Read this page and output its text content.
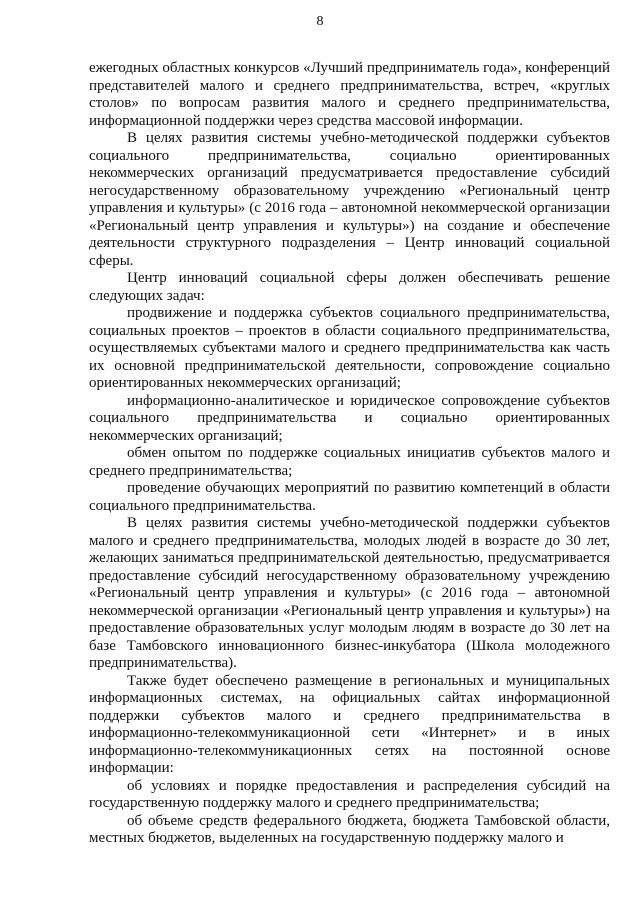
8

ежегодных областных конкурсов «Лучший предприниматель года», конференций представителей малого и среднего предпринимательства, встреч, «круглых столов» по вопросам развития малого и среднего предпринимательства, информационной поддержки через средства массовой информации.

В целях развития системы учебно-методической поддержки субъектов социального предпринимательства, социально ориентированных некоммерческих организаций предусматривается предоставление субсидий негосударственному образовательному учреждению «Региональный центр управления и культуры» (с 2016 года – автономной некоммерческой организации «Региональный центр управления и культуры») на создание и обеспечение деятельности структурного подразделения – Центр инноваций социальной сферы.

Центр инноваций социальной сферы должен обеспечивать решение следующих задач:

продвижение и поддержка субъектов социального предпринимательства, социальных проектов – проектов в области социального предпринимательства, осуществляемых субъектами малого и среднего предпринимательства как часть их основной предпринимательской деятельности, сопровождение социально ориентированных некоммерческих организаций;

информационно-аналитическое и юридическое сопровождение субъектов социального предпринимательства и социально ориентированных некоммерческих организаций;

обмен опытом по поддержке социальных инициатив субъектов малого и среднего предпринимательства;

проведение обучающих мероприятий по развитию компетенций в области социального предпринимательства.

В целях развития системы учебно-методической поддержки субъектов малого и среднего предпринимательства, молодых людей в возрасте до 30 лет, желающих заниматься предпринимательской деятельностью, предусматривается предоставление субсидий негосударственному образовательному учреждению «Региональный центр управления и культуры» (с 2016 года – автономной некоммерческой организации «Региональный центр управления и культуры») на предоставление образовательных услуг молодым людям в возрасте до 30 лет на базе Тамбовского инновационного бизнес-инкубатора (Школа молодежного предпринимательства).

Также будет обеспечено размещение в региональных и муниципальных информационных системах, на официальных сайтах информационной поддержки субъектов малого и среднего предпринимательства в информационно-телекоммуникационной сети «Интернет» и в иных информационно-телекоммуникационных сетях на постоянной основе информации:

об условиях и порядке предоставления и распределения субсидий на государственную поддержку малого и среднего предпринимательства;

об объеме средств федерального бюджета, бюджета Тамбовской области, местных бюджетов, выделенных на государственную поддержку малого и
